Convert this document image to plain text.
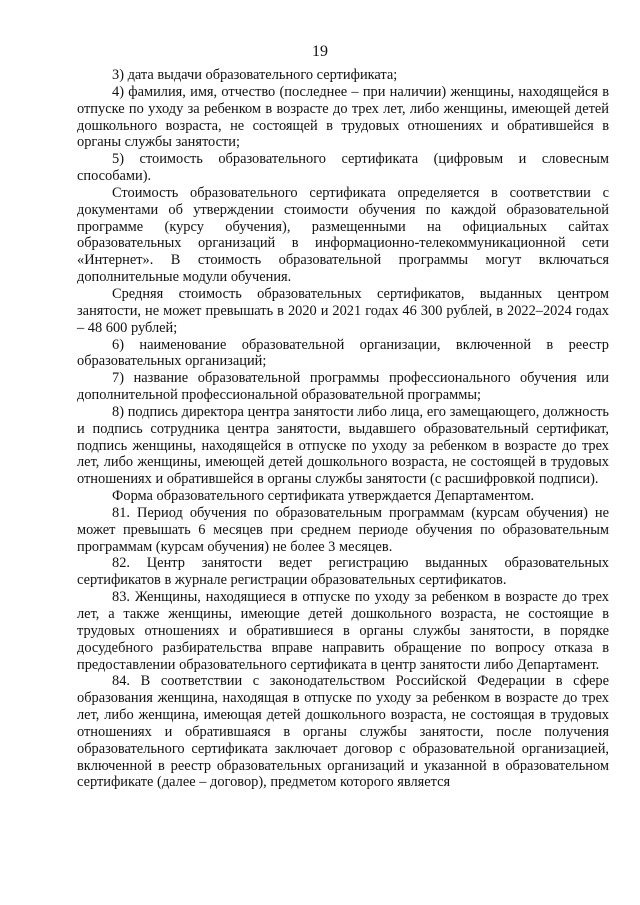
19

3) дата выдачи образовательного сертификата;

4) фамилия, имя, отчество (последнее – при наличии) женщины, находящейся в отпуске по уходу за ребенком в возрасте до трех лет, либо женщины, имеющей детей дошкольного возраста, не состоящей в трудовых отношениях и обратившейся в органы службы занятости;

5) стоимость образовательного сертификата (цифровым и словесным способами).

Стоимость образовательного сертификата определяется в соответствии с документами об утверждении стоимости обучения по каждой образовательной программе (курсу обучения), размещенными на официальных сайтах образовательных организаций в информационно-телекоммуникационной сети «Интернет». В стоимость образовательной программы могут включаться дополнительные модули обучения.

Средняя стоимость образовательных сертификатов, выданных центром занятости, не может превышать в 2020 и 2021 годах 46 300 рублей, в 2022–2024 годах – 48 600 рублей;

6) наименование образовательной организации, включенной в реестр образовательных организаций;

7) название образовательной программы профессионального обучения или дополнительной профессиональной образовательной программы;

8) подпись директора центра занятости либо лица, его замещающего, должность и подпись сотрудника центра занятости, выдавшего образовательный сертификат, подпись женщины, находящейся в отпуске по уходу за ребенком в возрасте до трех лет, либо женщины, имеющей детей дошкольного возраста, не состоящей в трудовых отношениях и обратившейся в органы службы занятости (с расшифровкой подписи).

Форма образовательного сертификата утверждается Департаментом.

81. Период обучения по образовательным программам (курсам обучения) не может превышать 6 месяцев при среднем периоде обучения по образовательным программам (курсам обучения) не более 3 месяцев.

82. Центр занятости ведет регистрацию выданных образовательных сертификатов в журнале регистрации образовательных сертификатов.

83. Женщины, находящиеся в отпуске по уходу за ребенком в возрасте до трех лет, а также женщины, имеющие детей дошкольного возраста, не состоящие в трудовых отношениях и обратившиеся в органы службы занятости, в порядке досудебного разбирательства вправе направить обращение по вопросу отказа в предоставлении образовательного сертификата в центр занятости либо Департамент.

84. В соответствии с законодательством Российской Федерации в сфере образования женщина, находящая в отпуске по уходу за ребенком в возрасте до трех лет, либо женщина, имеющая детей дошкольного возраста, не состоящая в трудовых отношениях и обратившаяся в органы службы занятости, после получения образовательного сертификата заключает договор с образовательной организацией, включенной в реестр образовательных организаций и указанной в образовательном сертификате (далее – договор), предметом которого является
